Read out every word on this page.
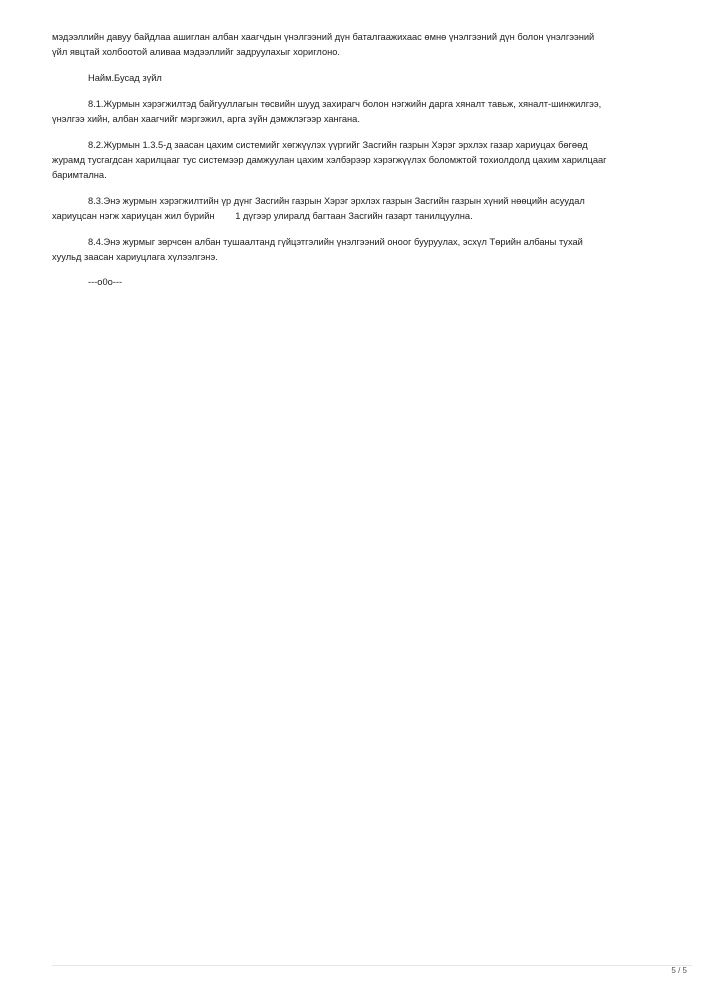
мэдээллийн давуу байдлаа ашиглан албан хаагчдын үнэлгээний дүн баталгаажихаас өмнө үнэлгээний дүн болон үнэлгээний
үйл явцтай холбоотой аливаа мэдээллийг задруулахыг хориглоно.

Найм.Бусад зүйл

8.1.Журмын хэрэгжилтэд байгууллагын төсвийн шууд захирагч болон нэгжийн дарга хяналт тавьж, хяналт-шинжилгээ,
үнэлгээ хийн, албан хаагчийг мэргэжил, арга зүйн дэмжлэгээр хангана.

8.2.Журмын 1.3.5-д заасан цахим системийг хөгжүүлэх үүргийг Засгийн газрын Хэрэг эрхлэх газар хариуцах бөгөөд
журамд тусгагдсан харилцааг тус системээр дамжуулан цахим хэлбэрээр хэрэгжүүлэх боломжтой тохиолдолд цахим харилцааг
баримтална.

8.3.Энэ журмын хэрэгжилтийн үр дүнг Засгийн газрын Хэрэг эрхлэх газрын Засгийн газрын хүний нөөцийн асуудал
хариуцсан нэгж хариуцан жил бүрийн        1 дүгээр улиралд багтаан Засгийн газарт танилцуулна.

8.4.Энэ журмыг зөрчсөн албан тушаалтанд гүйцэтгэлийн үнэлгээний оноог бууруулах, эсхүл Төрийн албаны тухай
хуульд заасан хариуцлага хүлээлгэнэ.

---o0o---

5 / 5
